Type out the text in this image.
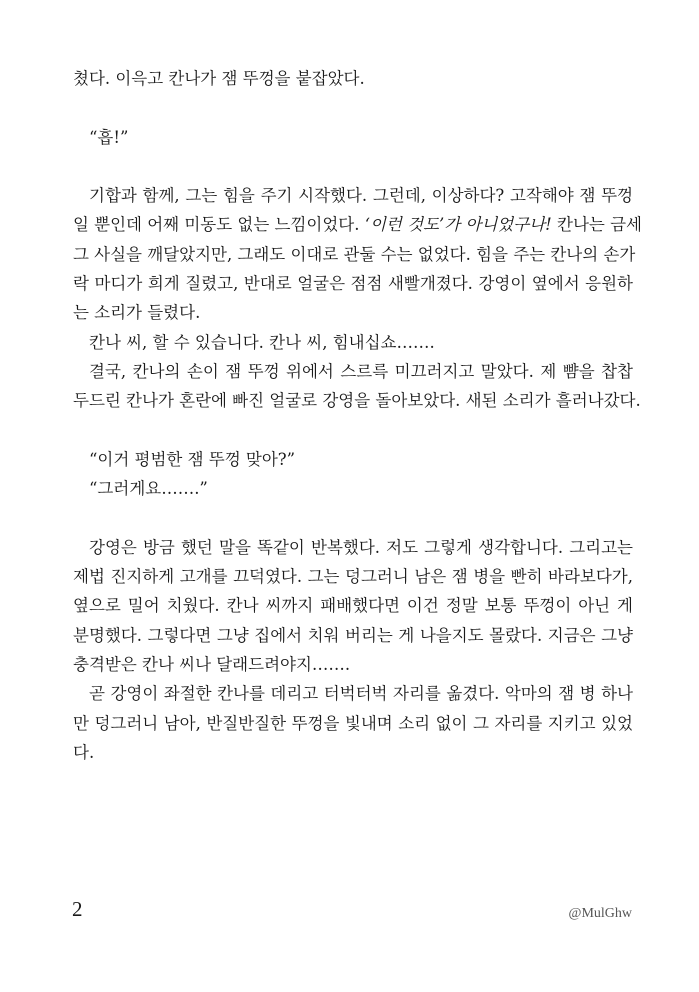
쳤다. 이윽고 칸나가 잼 뚜껑을 붙잡았다.
“흡!”
기합과 함께, 그는 힘을 주기 시작했다. 그런데, 이상하다? 고작해야 잼 뚜껑
일 뿐인데 어째 미동도 없는 느낌이었다. ‘이런 것도’가 아니었구나! 칸나는 금세
그 사실을 깨달았지만, 그래도 이대로 관둘 수는 없었다. 힘을 주는 칸나의 손가
락 마디가 희게 질렸고, 반대로 얼굴은 점점 새빨개졌다. 강영이 옆에서 응원하
는 소리가 들렸다.
칸나 씨, 할 수 있습니다. 칸나 씨, 힘내십쇼…….
결국, 칸나의 손이 잼 뚜껑 위에서 스르륵 미끄러지고 말았다. 제 뺨을 찹찹
두드린 칸나가 혼란에 빠진 얼굴로 강영을 돌아보았다. 새된 소리가 흘러나갔다.
“이거 평범한 잼 뚜껑 맞아?”
“그러게요…….”
강영은 방금 했던 말을 똑같이 반복했다. 저도 그렇게 생각합니다. 그리고는
제법 진지하게 고개를 끄덕였다. 그는 덩그러니 남은 잼 병을 빤히 바라보다가,
옆으로 밀어 치웠다. 칸나 씨까지 패배했다면 이건 정말 보통 뚜껑이 아닌 게
분명했다. 그렇다면 그냥 집에서 치워 버리는 게 나을지도 몰랐다. 지금은 그냥
충격받은 칸나 씨나 달래드려야지…….
곧 강영이 좌절한 칸나를 데리고 터벅터벅 자리를 옮겼다. 악마의 잼 병 하나
만 덩그러니 남아, 반질반질한 뚜껑을 빛내며 소리 없이 그 자리를 지키고 있었
다.
2	@MulGhw
